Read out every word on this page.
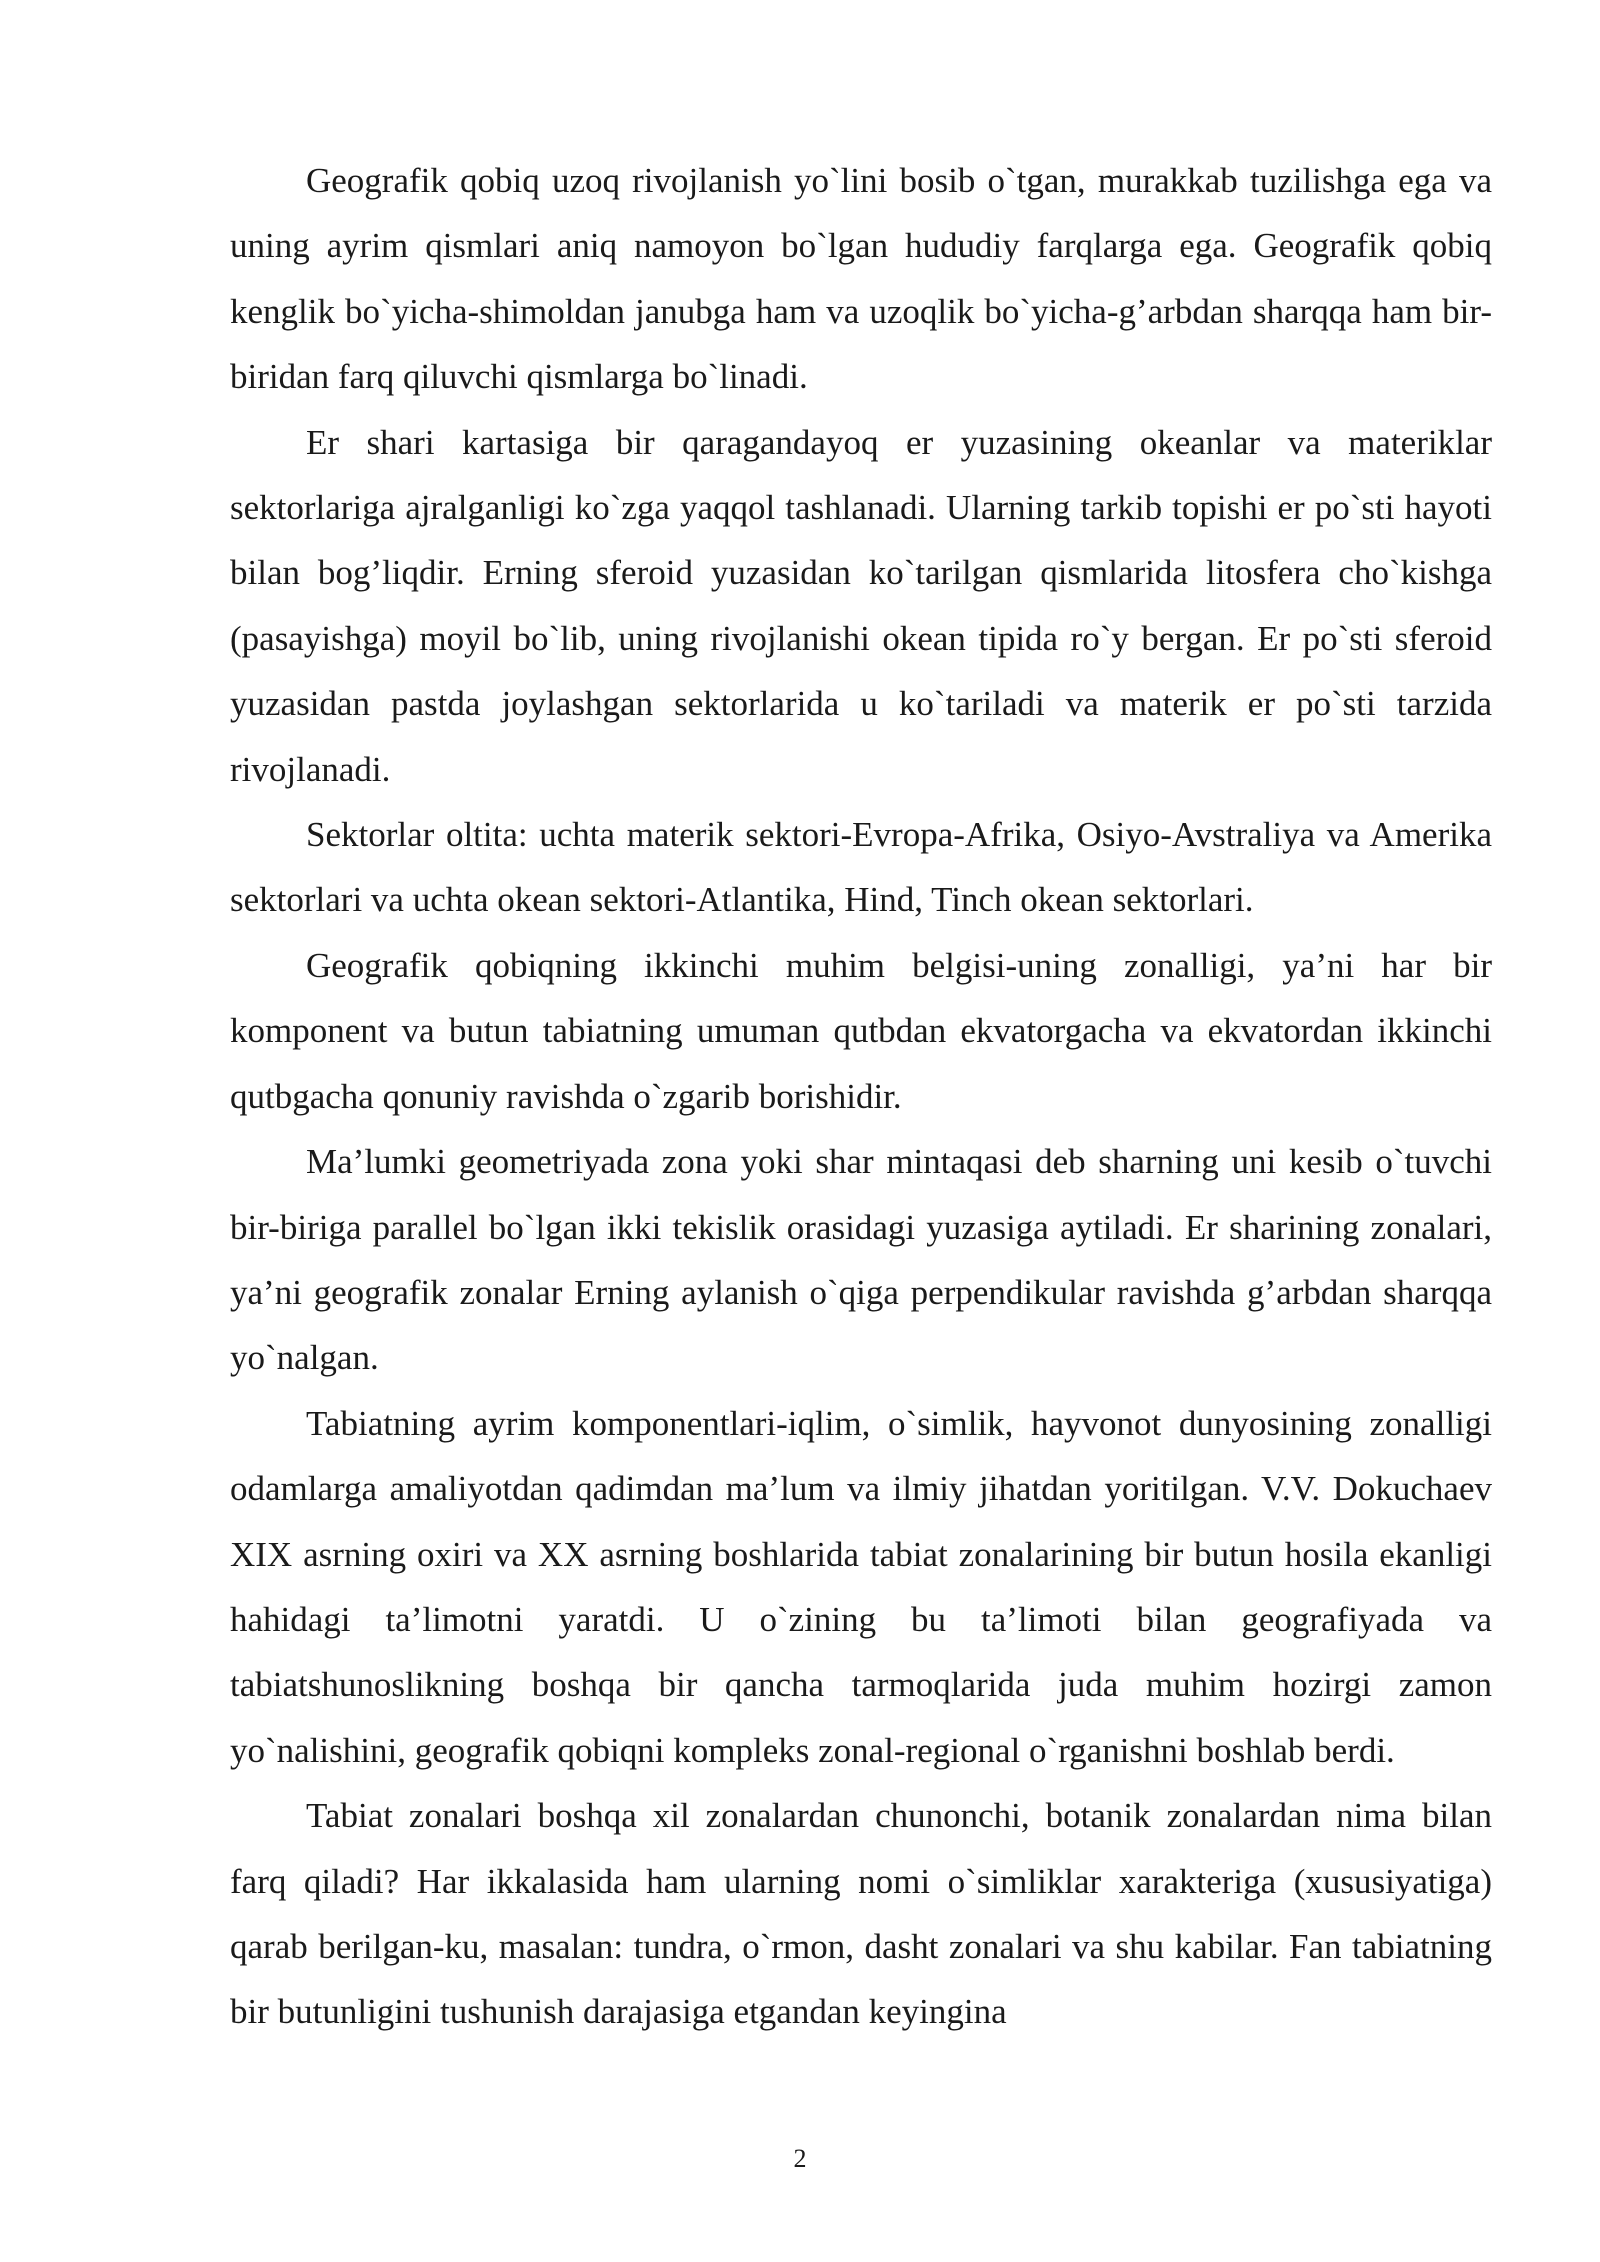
Geografik qobiq uzoq rivojlanish yo`lini bosib o`tgan, murakkab tuzilishga ega va uning ayrim qismlari aniq namoyon bo`lgan hududiy farqlarga ega. Geografik qobiq kenglik bo`yicha-shimoldan janubga ham va uzoqlik bo`yicha-g’arbdan sharqqa ham bir-biridan farq qiluvchi qismlarga bo`linadi.

Er shari kartasiga bir qaragandayoq er yuzasining okeanlar va materiklar sektorlariga ajralganligi ko`zga yaqqol tashlanadi. Ularning tarkib topishi er po`sti hayoti bilan bog’liqdir. Erning sferoid yuzasidan ko`tarilgan qismlarida litosfera cho`kishga (pasayishga) moyil bo`lib, uning rivojlanishi okean tipida ro`y bergan. Er po`sti sferoid yuzasidan pastda joylashgan sektorlarida u ko`tariladi va materik er po`sti tarzida rivojlanadi.

Sektorlar oltita: uchta materik sektori-Evropa-Afrika, Osiyo-Avstraliya va Amerika sektorlari va uchta okean sektori-Atlantika, Hind, Tinch okean sektorlari.

Geografik qobiqning ikkinchi muhim belgisi-uning zonalligi, ya’ni har bir komponent va butun tabiatning umuman qutbdan ekvatorgacha va ekvatordan ikkinchi qutbgacha qonuniy ravishda o`zgarib borishidir.

Ma’lumki geometriyada zona yoki shar mintaqasi deb sharning uni kesib o`tuvchi bir-biriga parallel bo`lgan ikki tekislik orasidagi yuzasiga aytiladi. Er sharining zonalari, ya’ni geografik zonalar Erning aylanish o`qiga perpendikular ravishda g’arbdan sharqqa yo`nalgan.

Tabiatning ayrim komponentlari-iqlim, o`simlik, hayvonot dunyosining zonalligi odamlarga amaliyotdan qadimdan ma’lum va ilmiy jihatdan yoritilgan. V.V. Dokuchaev XIX asrning oxiri va XX asrning boshlarida tabiat zonalarining bir butun hosila ekanligi hahidagi ta’limotni yaratdi. U o`zining bu ta’limoti bilan geografiyada va tabiatshunoslikning boshqa bir qancha tarmoqlarida juda muhim hozirgi zamon yo`nalishini, geografik qobiqni kompleks zonal-regional o`rganishni boshlab berdi.

Tabiat zonalari boshqa xil zonalardan chunonchi, botanik zonalardan nima bilan farq qiladi? Har ikkalasida ham ularning nomi o`simliklar xarakteriga (xususiyatiga) qarab berilgan-ku, masalan: tundra, o`rmon, dasht zonalari va shu kabilar. Fan tabiatning bir butunligini tushunish darajasiga etgandan keyingina

2
